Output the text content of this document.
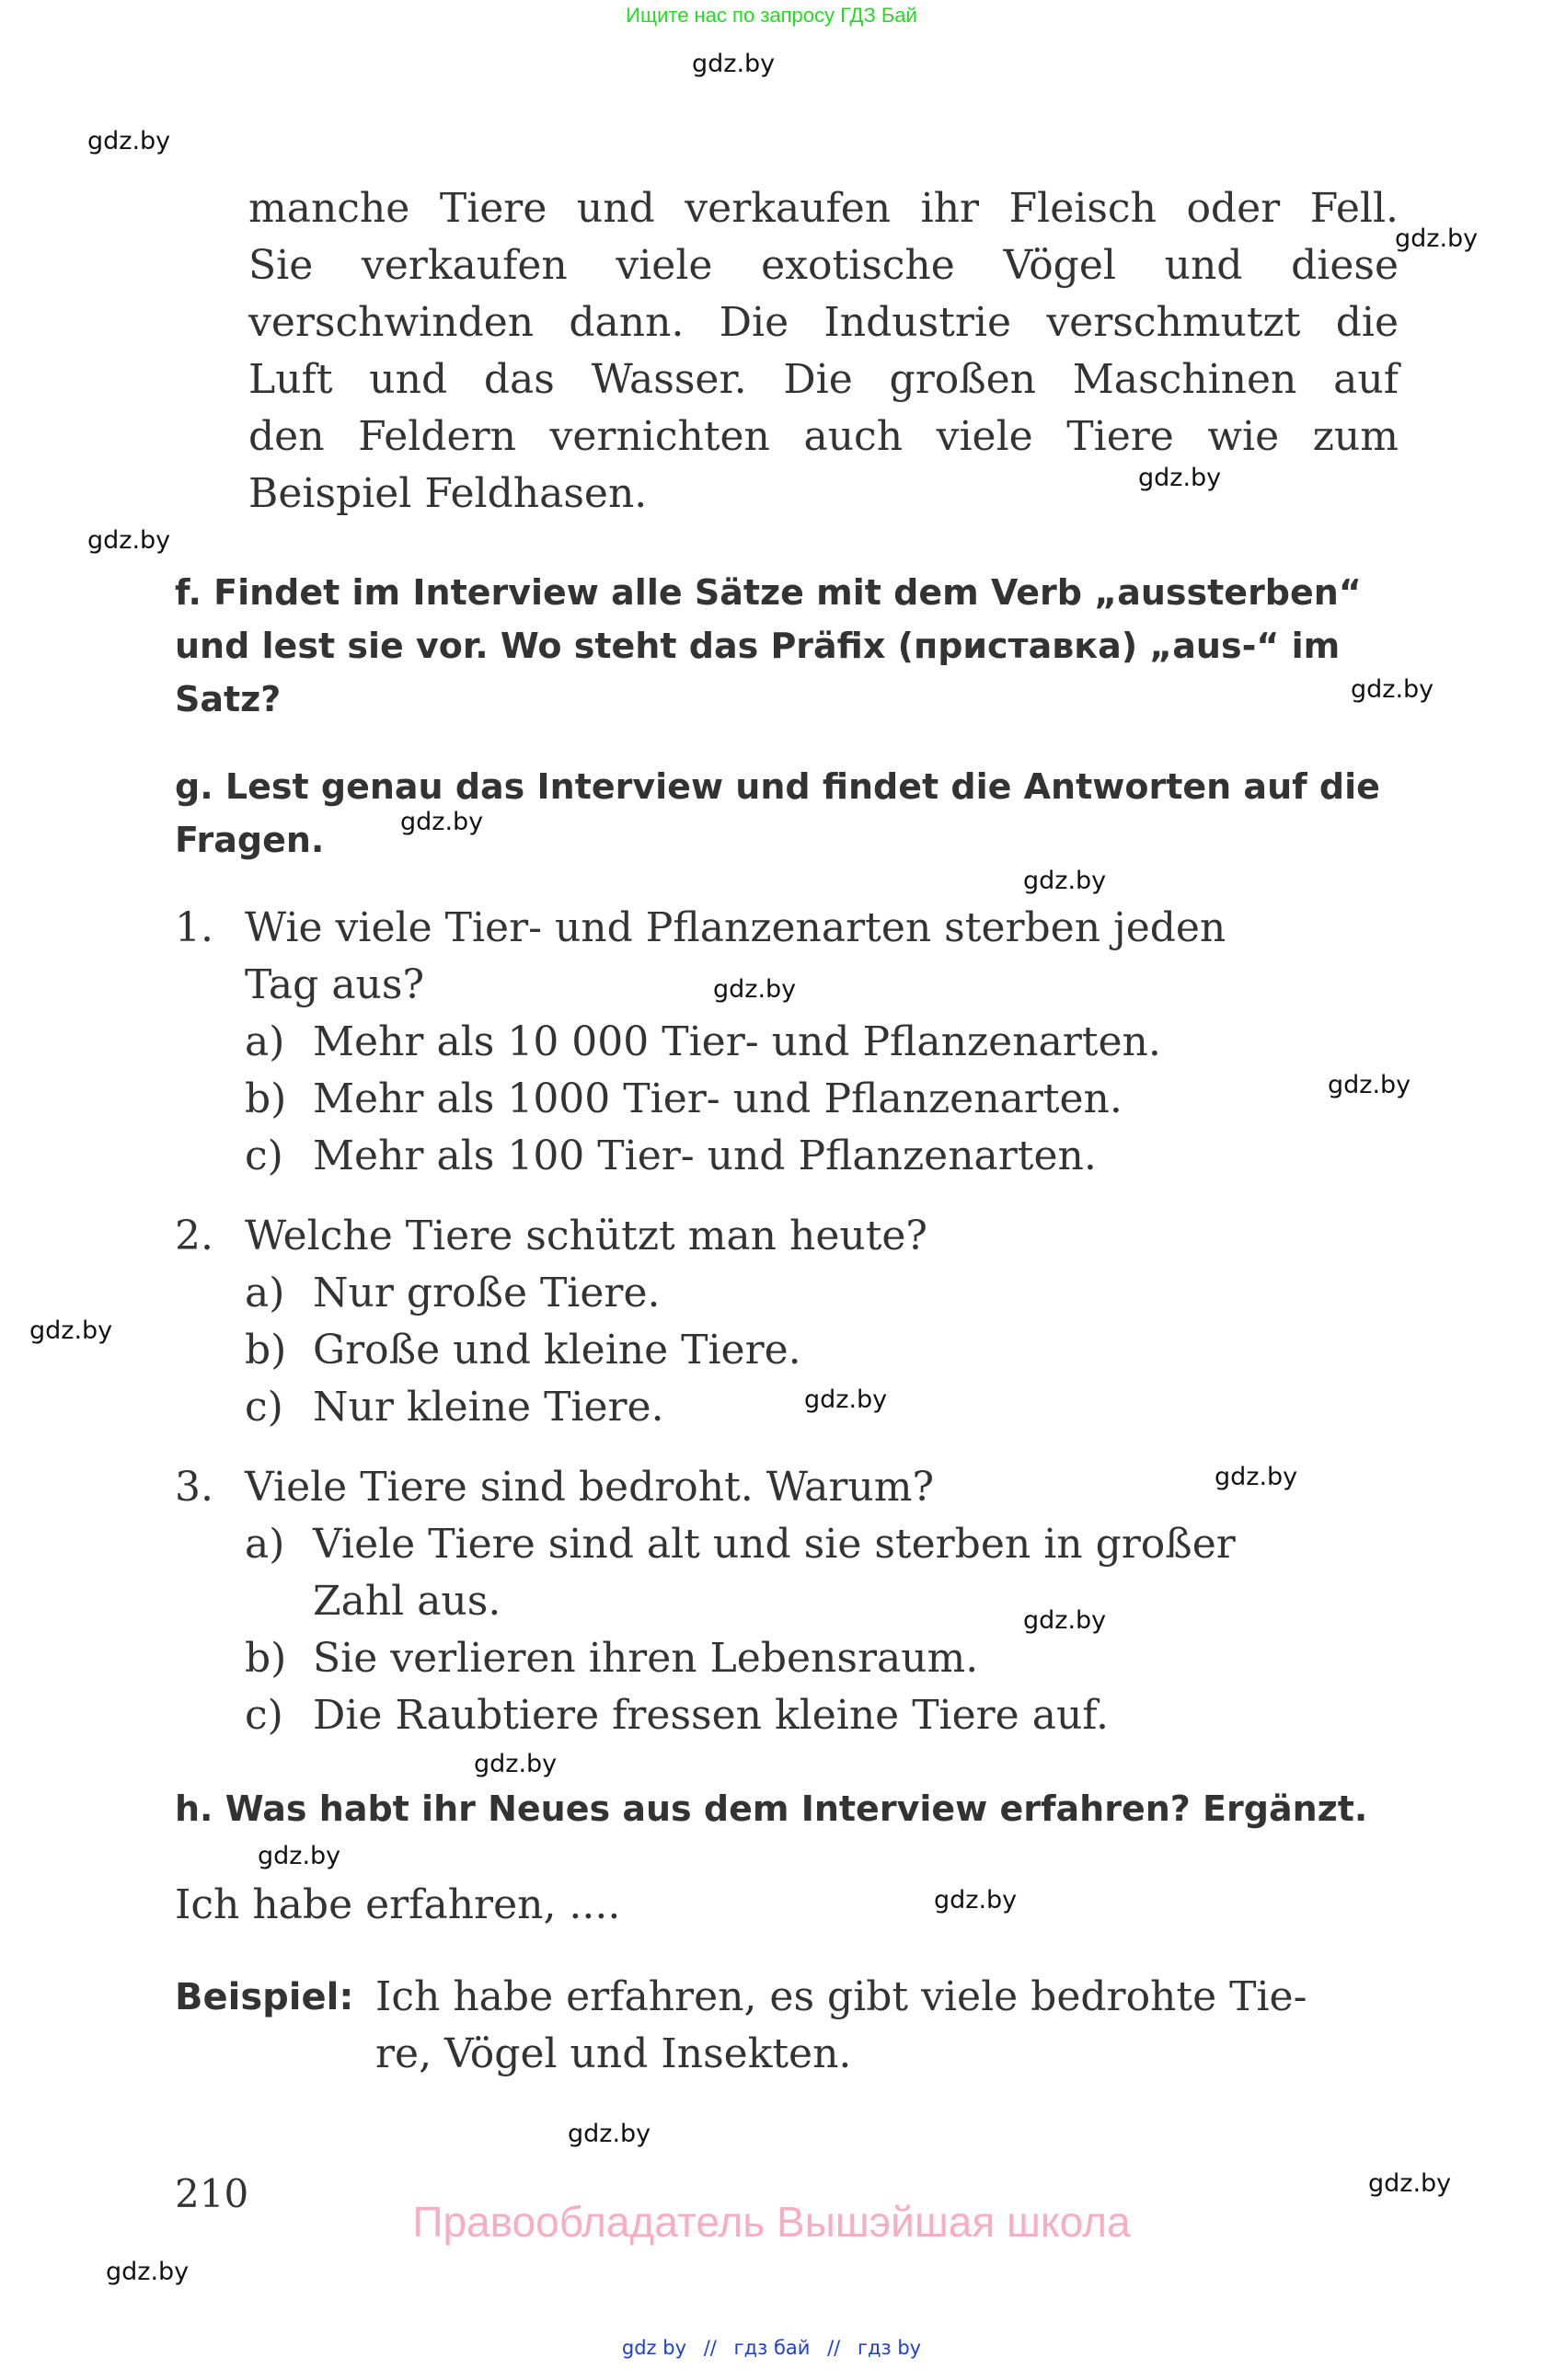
Ищите нас по запросу ГДЗ Бай
gdz.by
gdz.by
gdz.by
gdz.by
gdz.by
gdz.by
gdz.by
gdz.by
gdz.by
gdz.by
gdz.by
gdz.by
gdz.by
gdz.by
gdz.by
gdz.by
gdz.by
gdz.by
gdz.by
gdz.by
manche Tiere und verkaufen ihr Fleisch oder Fell.
Sie verkaufen viele exotische Vögel und diese
verschwinden dann. Die Industrie verschmutzt die
Luft und das Wasser. Die großen Maschinen auf
den Feldern vernichten auch viele Tiere wie zum
Beispiel Feldhasen.
f. Findet im Interview alle Sätze mit dem Verb „aussterben“
und lest sie vor. Wo steht das Präfix (приставка) „aus-“ im
Satz?
g. Lest genau das Interview und findet die Antworten auf die
Fragen.
1. Wie viele Tier- und Pflanzenarten sterben jeden
Tag aus?
a) Mehr als 10 000 Tier- und Pflanzenarten.
b) Mehr als 1000 Tier- und Pflanzenarten.
c) Mehr als 100 Tier- und Pflanzenarten.
2. Welche Tiere schützt man heute?
a) Nur große Tiere.
b) Große und kleine Tiere.
c) Nur kleine Tiere.
3. Viele Tiere sind bedroht. Warum?
a) Viele Tiere sind alt und sie sterben in großer
Zahl aus.
b) Sie verlieren ihren Lebensraum.
c) Die Raubtiere fressen kleine Tiere auf.
h. Was habt ihr Neues aus dem Interview erfahren? Ergänzt.
Ich habe erfahren, ....
Beispiel: Ich habe erfahren, es gibt viele bedrohte Tie-
re, Vögel und Insekten.
210
Правообладатель Вышэйшая школа
gdz by // гдз бай // гдз by
